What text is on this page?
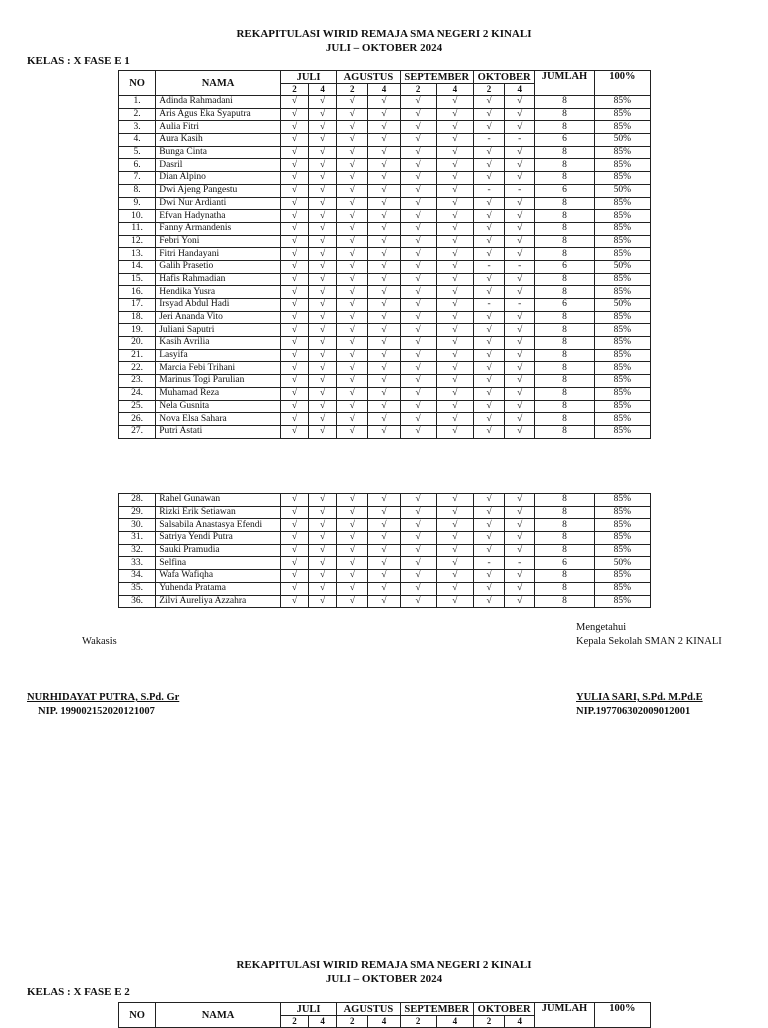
REKAPITULASI WIRID REMAJA SMA NEGERI 2 KINALI
JULI – OKTOBER 2024
KELAS : X FASE E 1
NO	NAMA	JULI		AGUSTUS		SEPTEMBER		OKTOBER		JUMLAH	100%
		2	4	2	4	2	4	2	4		
1.	Adinda Rahmadani	√	√	√	√	√	√	√	√	8	85%
2.	Aris Agus Eka Syaputra	√	√	√	√	√	√	√	√	8	85%
3.	Aulia Fitri	√	√	√	√	√	√	√	√	8	85%
4.	Aura Kasih	√	√	√	√	√	√	-	-	6	50%
5.	Bunga Cinta	√	√	√	√	√	√	√	√	8	85%
6.	Dasril	√	√	√	√	√	√	√	√	8	85%
7.	Dian Alpino	√	√	√	√	√	√	√	√	8	85%
8.	Dwi Ajeng Pangestu	√	√	√	√	√	√	-	-	6	50%
9.	Dwi Nur Ardianti	√	√	√	√	√	√	√	√	8	85%
10.	Efvan Hadynatha	√	√	√	√	√	√	√	√	8	85%
11.	Fanny Armandenis	√	√	√	√	√	√	√	√	8	85%
12.	Febri Yoni	√	√	√	√	√	√	√	√	8	85%
13.	Fitri Handayani	√	√	√	√	√	√	√	√	8	85%
14.	Galih Prasetio	√	√	√	√	√	√	-	-	6	50%
15.	Hafis Rahmadian	√	√	√	√	√	√	√	√	8	85%
16.	Hendika Yusra	√	√	√	√	√	√	√	√	8	85%
17.	Irsyad Abdul Hadi	√	√	√	√	√	√	-	-	6	50%
18.	Jeri Ananda Vito	√	√	√	√	√	√	√	√	8	85%
19.	Juliani Saputri	√	√	√	√	√	√	√	√	8	85%
20.	Kasih Avrilia	√	√	√	√	√	√	√	√	8	85%
21.	Lasyifa	√	√	√	√	√	√	√	√	8	85%
22.	Marcia Febi Trihani	√	√	√	√	√	√	√	√	8	85%
23.	Marinus Togi Parulian	√	√	√	√	√	√	√	√	8	85%
24.	Muhamad Reza	√	√	√	√	√	√	√	√	8	85%
25.	Nela Gusnita	√	√	√	√	√	√	√	√	8	85%
26.	Nova Elsa Sahara	√	√	√	√	√	√	√	√	8	85%
27.	Putri Astati	√	√	√	√	√	√	√	√	8	85%
28.	Rahel Gunawan	√	√	√	√	√	√	√	√	8	85%
29.	Rizki Erik Setiawan	√	√	√	√	√	√	√	√	8	85%
30.	Salsabila Anastasya Efendi	√	√	√	√	√	√	√	√	8	85%
31.	Satriya Yendi Putra	√	√	√	√	√	√	√	√	8	85%
32.	Sauki Pramudia	√	√	√	√	√	√	√	√	8	85%
33.	Selfina	√	√	√	√	√	√	-	-	6	50%
34.	Wafa Wafiqha	√	√	√	√	√	√	√	√	8	85%
35.	Yuhenda Pratama	√	√	√	√	√	√	√	√	8	85%
36.	Zilvi Aureliya Azzahra	√	√	√	√	√	√	√	√	8	85%
Mengetahui
Wakasis	Kepala Sekolah SMAN 2 KINALI
NURHIDAYAT PUTRA, S.Pd. Gr
NIP. 199002152020121007
YULIA SARI, S.Pd. M.Pd.E
NIP.197706302009012001
REKAPITULASI WIRID REMAJA SMA NEGERI 2 KINALI
JULI – OKTOBER 2024
KELAS : X FASE E 2
NO	NAMA	JULI		AGUSTUS		SEPTEMBER		OKTOBER		JUMLAH	100%
		2	4	2	4	2	4	2	4		
